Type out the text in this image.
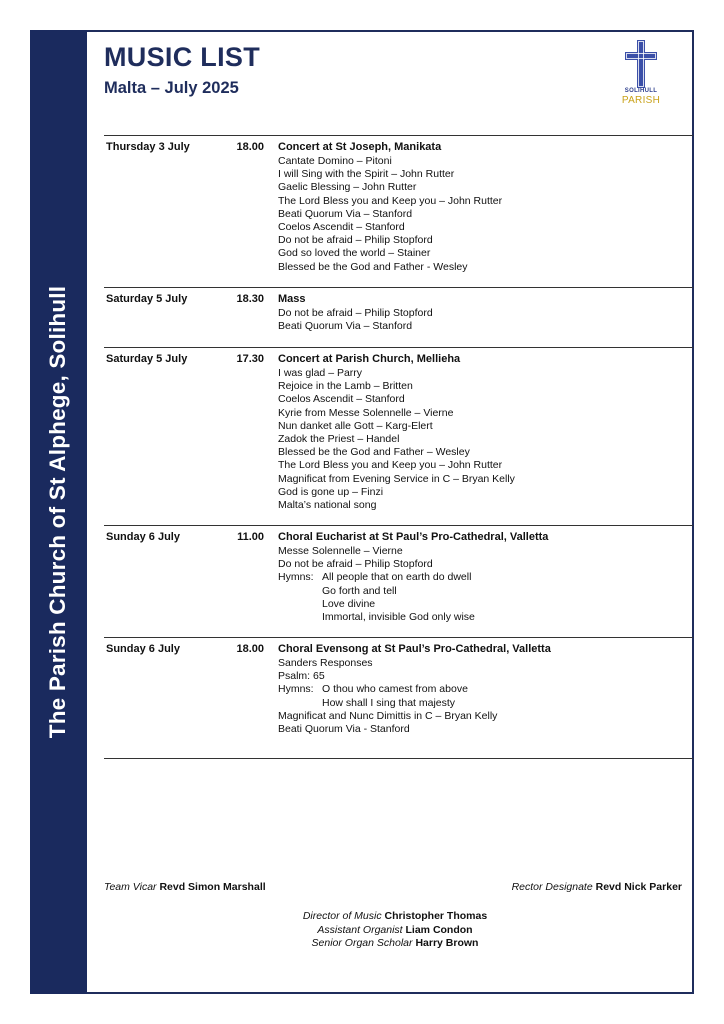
The Parish Church of St Alphege, Solihull
MUSIC LIST
Malta – July 2025	SOLIHULL
PARISH
Thursday 3 July	18.00 Concert at St Joseph, Manikata
Cantate Domino – Pitoni
I will Sing with the Spirit – John Rutter
Gaelic Blessing – John Rutter
The Lord Bless you and Keep you – John Rutter
Beati Quorum Via – Stanford
Coelos Ascendit – Stanford
Do not be afraid – Philip Stopford
God so loved the world – Stainer
Blessed be the God and Father - Wesley
Saturday 5 July	18.30 Mass
Do not be afraid – Philip Stopford
Beati Quorum Via – Stanford
Saturday 5 July	17.30 Concert at Parish Church, Mellieha
I was glad – Parry
Rejoice in the Lamb – Britten
Coelos Ascendit – Stanford
Kyrie from Messe Solennelle – Vierne
Nun danket alle Gott – Karg-Elert
Zadok the Priest – Handel
Blessed be the God and Father – Wesley
The Lord Bless you and Keep you – John Rutter
Magnificat from Evening Service in C – Bryan Kelly
God is gone up – Finzi
Malta’s national song
Sunday 6 July	11.00 Choral Eucharist at St Paul’s Pro-Cathedral, Valletta
Messe Solennelle – Vierne
Do not be afraid – Philip Stopford
Hymns: All people that on earth do dwell
Go forth and tell
Love divine
Immortal, invisible God only wise
Sunday 6 July	18.00 Choral Evensong at St Paul’s Pro-Cathedral, Valletta
Sanders Responses
Psalm: 65
Hymns: O thou who camest from above
How shall I sing that majesty
Magnificat and Nunc Dimittis in C – Bryan Kelly
Beati Quorum Via - Stanford
Team Vicar Revd Simon Marshall	Rector Designate Revd Nick Parker
Director of Music Christopher Thomas
Assistant Organist Liam Condon
Senior Organ Scholar Harry Brown
